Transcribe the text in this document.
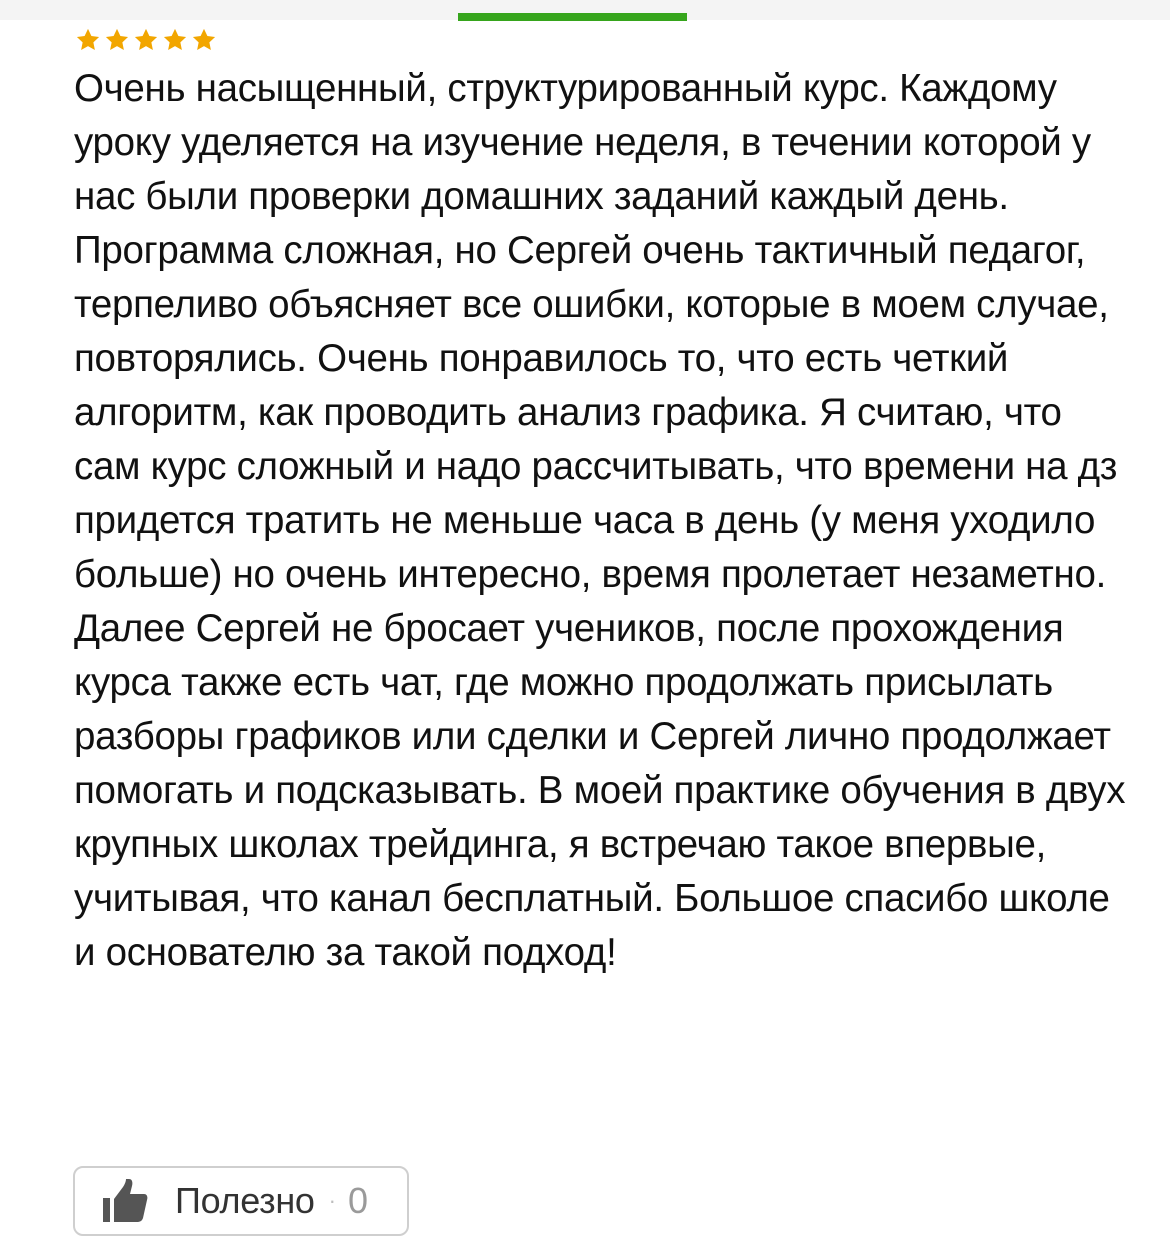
Очень насыщенный, структурированный курс. Каждому уроку уделяется на изучение неделя, в течении которой у нас были проверки домашних заданий каждый день. Программа сложная, но Сергей очень тактичный педагог, терпеливо объясняет все ошибки, которые в моем случае, повторялись. Очень понравилось то, что есть четкий алгоритм, как проводить анализ графика. Я считаю, что сам курс сложный и надо рассчитывать, что времени на дз придется тратить не меньше часа в день (у меня уходило больше) но очень интересно, время пролетает незаметно. Далее Сергей не бросает учеников, после прохождения курса также есть чат, где можно продолжать присылать разборы графиков или сделки и Сергей лично продолжает помогать и подсказывать. В моей практике обучения в двух крупных школах трейдинга, я встречаю такое впервые, учитывая, что канал бесплатный. Большое спасибо школе и основателю за такой подход!
Полезно · 0
